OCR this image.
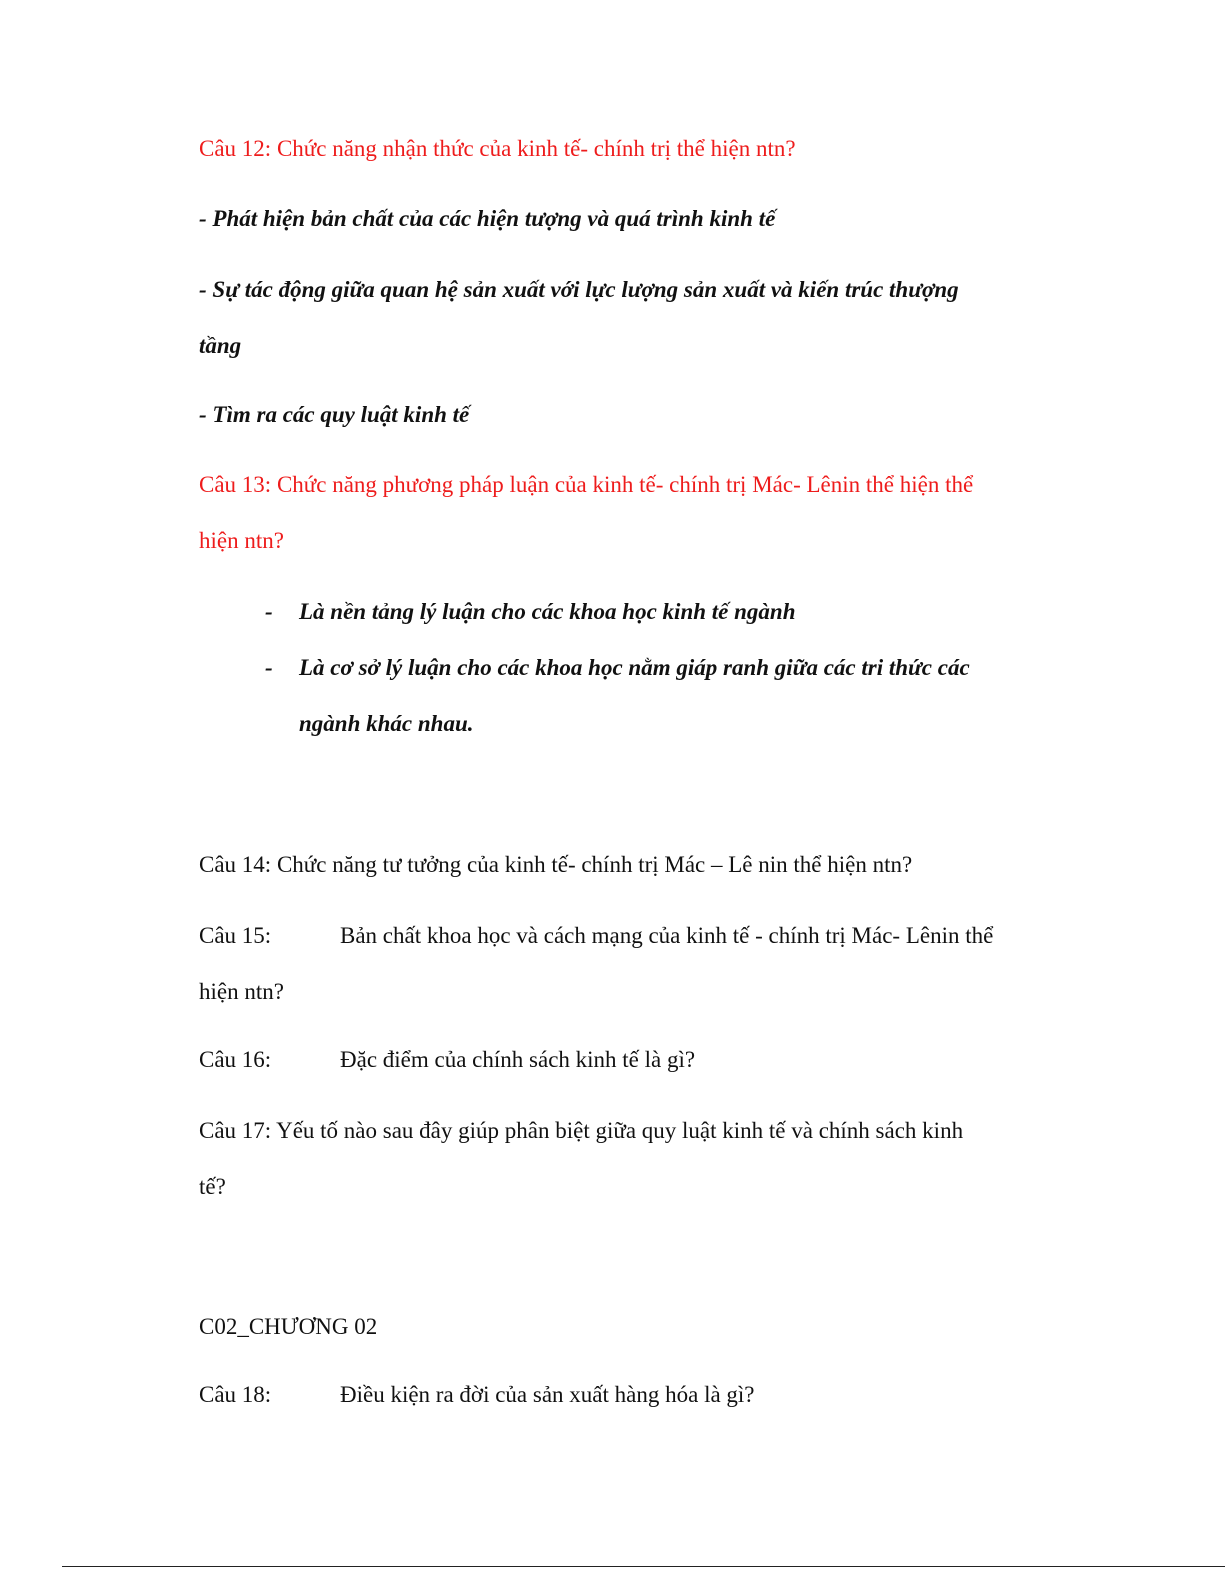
Câu 12: Chức năng nhận thức của kinh tế- chính trị thể hiện ntn?
- Phát hiện bản chất của các hiện tượng và quá trình kinh tế
- Sự tác động giữa quan hệ sản xuất với lực lượng sản xuất và kiến trúc thượng
tầng
- Tìm ra các quy luật kinh tế
Câu 13: Chức năng phương pháp luận của kinh tế- chính trị Mác- Lênin thể hiện thể
hiện ntn?
- Là nền tảng lý luận cho các khoa học kinh tế ngành
- Là cơ sở lý luận cho các khoa học nằm giáp ranh giữa các tri thức các
ngành khác nhau.
Câu 14: Chức năng tư tưởng của kinh tế- chính trị Mác – Lê nin thể hiện ntn?
Câu 15:	Bản chất khoa học và cách mạng của kinh tế - chính trị Mác- Lênin thể
hiện ntn?
Câu 16:	Đặc điểm của chính sách kinh tế là gì?
Câu 17: Yếu tố nào sau đây giúp phân biệt giữa quy luật kinh tế và chính sách kinh
tế?
C02_CHƯƠNG 02
Câu 18:	Điều kiện ra đời của sản xuất hàng hóa là gì?
